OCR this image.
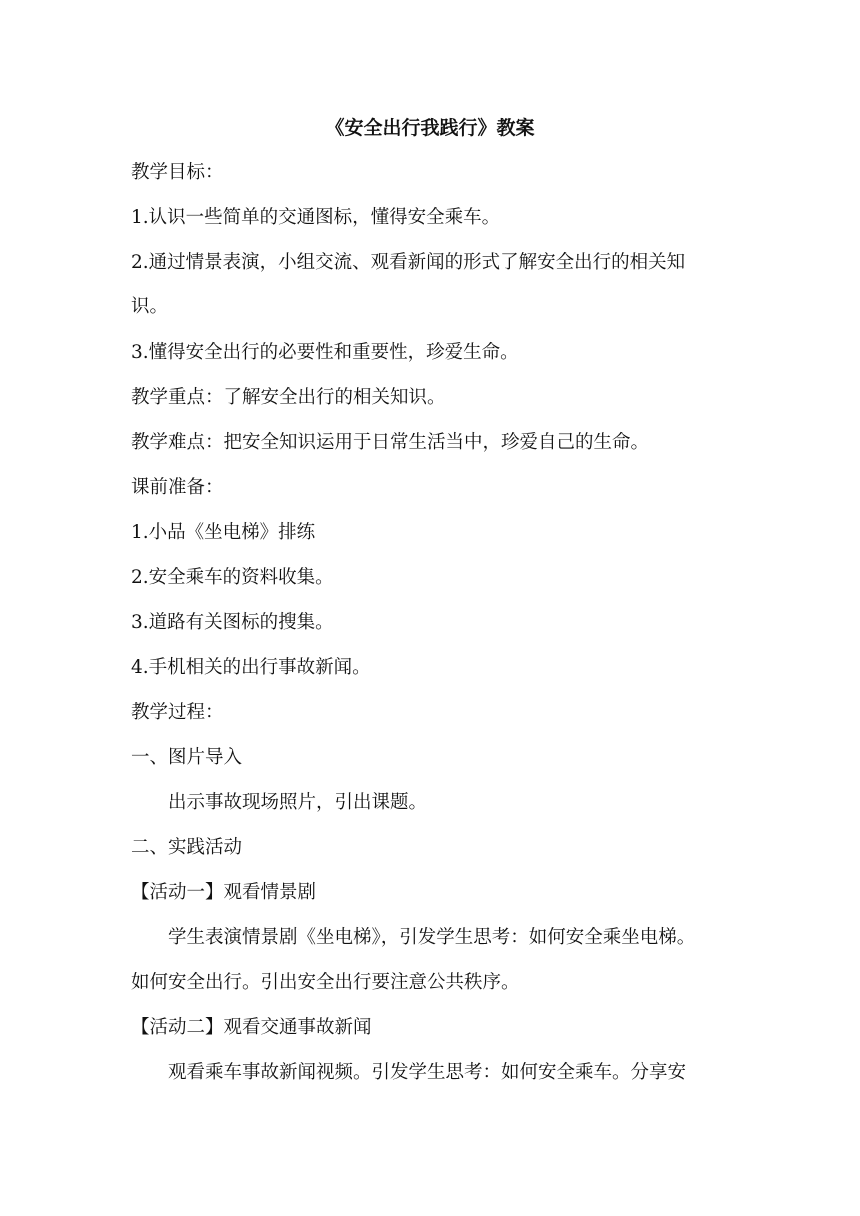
《安全出行我践行》教案
教学目标：
1.认识一些简单的交通图标，懂得安全乘车。
2.通过情景表演，小组交流、观看新闻的形式了解安全出行的相关知
识。
3.懂得安全出行的必要性和重要性，珍爱生命。
教学重点：了解安全出行的相关知识。
教学难点：把安全知识运用于日常生活当中，珍爱自己的生命。
课前准备：
1.小品《坐电梯》排练
2.安全乘车的资料收集。
3.道路有关图标的搜集。
4.手机相关的出行事故新闻。
教学过程：
一、图片导入
出示事故现场照片，引出课题。
二、实践活动
【活动一】观看情景剧
学生表演情景剧《坐电梯》，引发学生思考：如何安全乘坐电梯。
如何安全出行。引出安全出行要注意公共秩序。
【活动二】观看交通事故新闻
观看乘车事故新闻视频。引发学生思考：如何安全乘车。分享安
